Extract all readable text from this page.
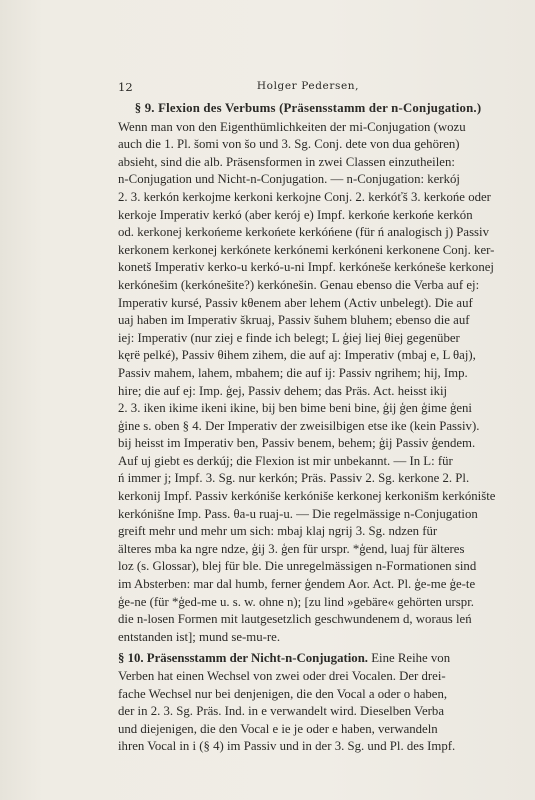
12	Holger Pedersen,
§ 9. Flexion des Verbums (Präsensstamm der n-Conjugation.)
Wenn man von den Eigenthümlichkeiten der mi-Conjugation (wozu
auch die 1. Pl. šomi von šo und 3. Sg. Conj. dete von dua gehören)
absieht, sind die alb. Präsensformen in zwei Classen einzutheilen:
n-Conjugation und Nicht-n-Conjugation. — n-Conjugation: kerkój
2. 3. kerkón kerkojme kerkoni kerkojne Conj. 2. kerkóťš 3. kerkońe oder
kerkoje Imperativ kerkó (aber kerój e) Impf. kerkońe kerkońe kerkón
od. kerkonej kerkońeme kerkońete kerkóńene (für ń analogisch j) Passiv
kerkonem kerkonej kerkónete kerkónemi kerkóneni kerkonene Conj. ker-
konetš Imperativ kerko-u kerkó-u-ni Impf. kerkóneše kerkóneše kerkonej
kerkónešim (kerkónešite?) kerkónešin. Genau ebenso die Verba auf ej:
Imperativ kursé, Passiv kθenem aber lehem (Activ unbelegt). Die auf
uaj haben im Imperativ škruaj, Passiv šuhem bluhem; ebenso die auf
iej: Imperativ (nur ziej e finde ich belegt; L ģiej liej θiej gegenüber
kęrë pelké), Passiv θihem zihem, die auf aj: Imperativ (mbaj e, L θaj),
Passiv mahem, lahem, mbahem; die auf ij: Passiv ngrihem; hij, Imp.
hire; die auf ej: Imp. ģej, Passiv dehem; das Präs. Act. heisst ikij
2. 3. iken ikime ikeni ikine, bij ben bime beni bine, ģij ģen ģime ģeni
ģine s. oben § 4. Der Imperativ der zweisilbigen etse ike (kein Passiv).
bij heisst im Imperativ ben, Passiv benem, behem; ģij Passiv ģendem.
Auf uj giebt es derkúj; die Flexion ist mir unbekannt. — In L: für
ń immer j; Impf. 3. Sg. nur kerkón; Präs. Passiv 2. Sg. kerkone 2. Pl.
kerkonij Impf. Passiv kerkóniše kerkóniše kerkonej kerkonišm kerkónište
kerkónišne Imp. Pass. θa-u ruaj-u. — Die regelmässige n-Conjugation
greift mehr und mehr um sich: mbaj klaj ngrij 3. Sg. ndzen für
älteres mba ka ngre ndze, ģij 3. ģen für urspr. *ģend, luaj für älteres
loz (s. Glossar), blej für ble. Die unregelmässigen n-Formationen sind
im Absterben: mar dal humb, ferner ģendem Aor. Act. Pl. ģe-me ģe-te
ģe-ne (für *ģed-me u. s. w. ohne n); [zu lind »gebäre« gehörten urspr.
die n-losen Formen mit lautgesetzlich geschwundenem d, woraus leń
entstanden ist]; mund se-mu-re.
§ 10. Präsensstamm der Nicht-n-Conjugation. Eine Reihe von
Verben hat einen Wechsel von zwei oder drei Vocalen. Der drei-
fache Wechsel nur bei denjenigen, die den Vocal a oder o haben,
der in 2. 3. Sg. Präs. Ind. in e verwandelt wird. Dieselben Verba
und diejenigen, die den Vocal e ie je oder e haben, verwandeln
ihren Vocal in i (§ 4) im Passiv und in der 3. Sg. und Pl. des Impf.
